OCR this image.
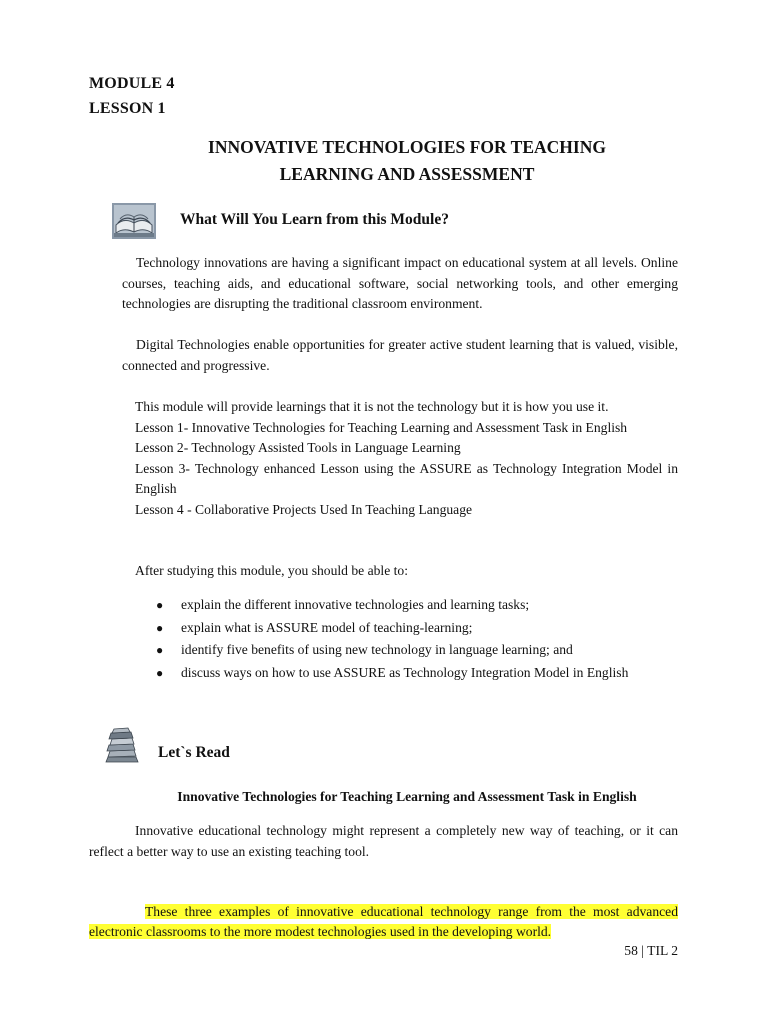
MODULE 4
LESSON 1
INNOVATIVE TECHNOLOGIES FOR TEACHING
LEARNING AND ASSESSMENT
What Will You Learn from this Module?
Technology innovations are having a significant impact on educational system at all levels. Online courses, teaching aids, and educational software, social networking tools, and other emerging technologies are disrupting the traditional classroom environment.
Digital Technologies enable opportunities for greater active student learning that is valued, visible, connected and progressive.
This module will provide learnings that it is not the technology but it is how you use it.
Lesson 1- Innovative Technologies for Teaching Learning and Assessment Task in English
Lesson 2- Technology Assisted Tools in Language Learning
Lesson 3- Technology enhanced Lesson using the ASSURE as Technology Integration Model in English
Lesson 4 - Collaborative Projects Used In Teaching Language
After studying this module, you should be able to:
● explain the different innovative technologies and learning tasks;
● explain what is ASSURE model of teaching-learning;
● identify five benefits of using new technology in language learning; and
● discuss ways on how to use ASSURE as Technology Integration Model in English
Let`s Read
Innovative Technologies for Teaching Learning and Assessment Task in English
Innovative educational technology might represent a completely new way of teaching, or it can reflect a better way to use an existing teaching tool.
These three examples of innovative educational technology range from the most advanced electronic classrooms to the more modest technologies used in the developing world.
58 | TIL 2
